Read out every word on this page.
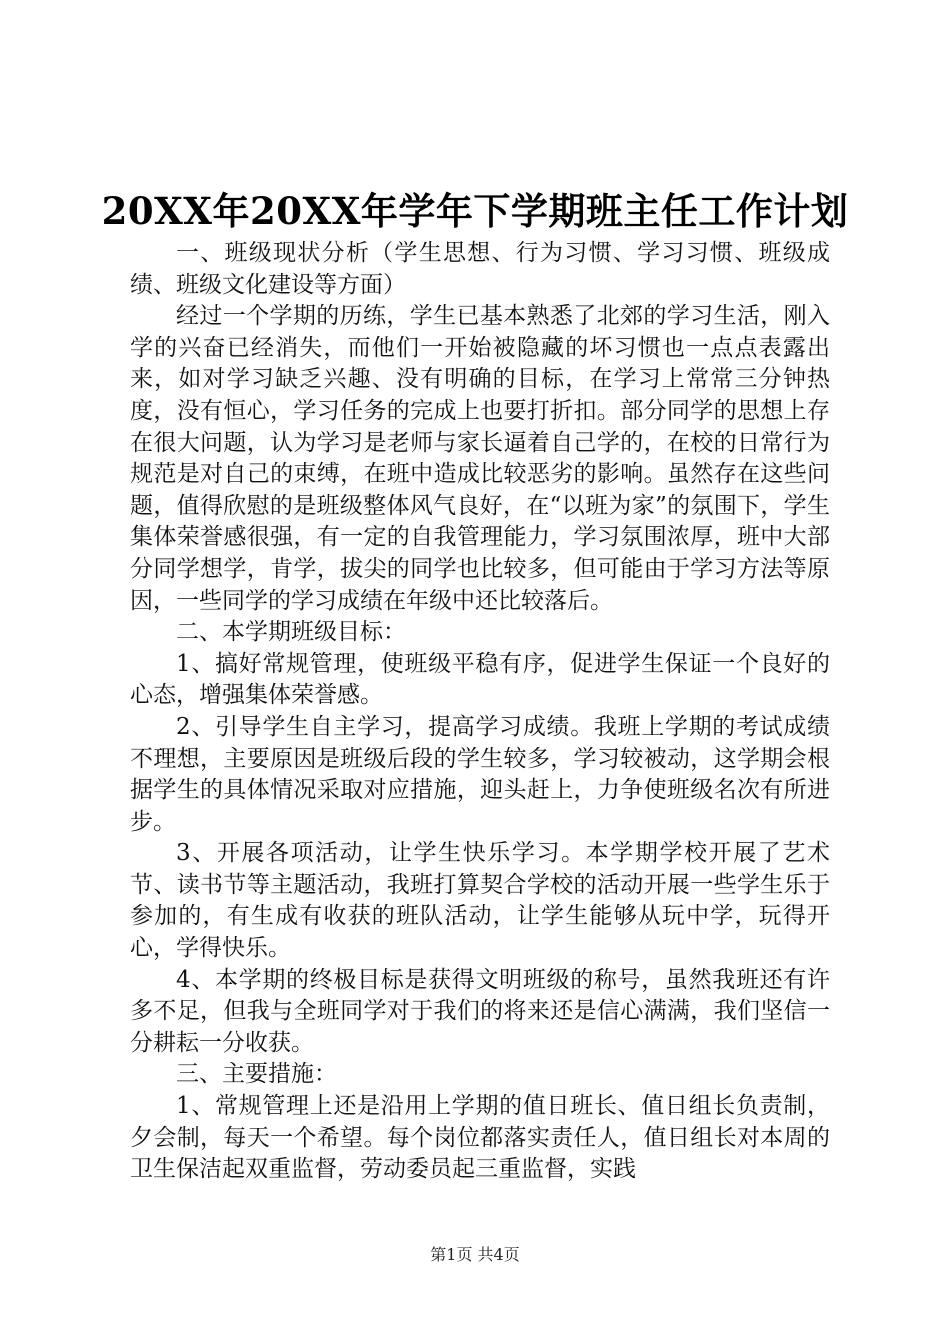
20XX年20XX年学年下学期班主任工作计划

一、班级现状分析（学生思想、行为习惯、学习习惯、班级成绩、班级文化建设等方面）

经过一个学期的历练，学生已基本熟悉了北郊的学习生活，刚入学的兴奋已经消失，而他们一开始被隐藏的坏习惯也一点点表露出来，如对学习缺乏兴趣、没有明确的目标，在学习上常常三分钟热度，没有恒心，学习任务的完成上也要打折扣。部分同学的思想上存在很大问题，认为学习是老师与家长逼着自己学的，在校的日常行为规范是对自己的束缚，在班中造成比较恶劣的影响。虽然存在这些问题，值得欣慰的是班级整体风气良好，在“以班为家”的氛围下，学生集体荣誉感很强，有一定的自我管理能力，学习氛围浓厚，班中大部分同学想学，肯学，拔尖的同学也比较多，但可能由于学习方法等原因，一些同学的学习成绩在年级中还比较落后。

二、本学期班级目标：

1、搞好常规管理，使班级平稳有序，促进学生保证一个良好的心态，增强集体荣誉感。

2、引导学生自主学习，提高学习成绩。我班上学期的考试成绩不理想，主要原因是班级后段的学生较多，学习较被动，这学期会根据学生的具体情况采取对应措施，迎头赶上，力争使班级名次有所进步。

3、开展各项活动，让学生快乐学习。本学期学校开展了艺术节、读书节等主题活动，我班打算契合学校的活动开展一些学生乐于参加的，有生成有收获的班队活动，让学生能够从玩中学，玩得开心，学得快乐。

4、本学期的终极目标是获得文明班级的称号，虽然我班还有许多不足，但我与全班同学对于我们的将来还是信心满满，我们坚信一分耕耘一分收获。

三、主要措施：

1、常规管理上还是沿用上学期的值日班长、值日组长负责制，夕会制，每天一个希望。每个岗位都落实责任人，值日组长对本周的卫生保洁起双重监督，劳动委员起三重监督，实践

第1页 共4页
